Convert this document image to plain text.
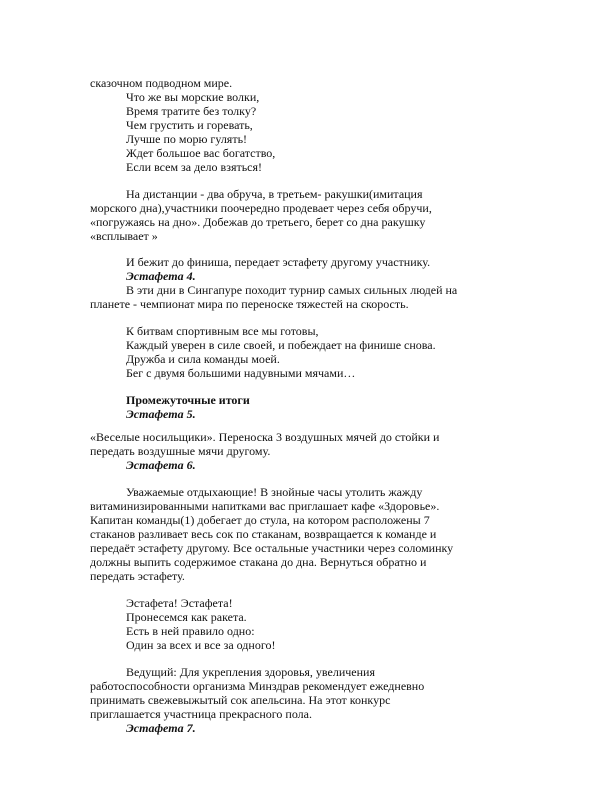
сказочном подводном мире.
Что же вы морские волки,
Время тратите без толку?
Чем грустить и горевать,
Лучше по морю гулять!
Ждет большое вас богатство,
Если всем за дело взяться!
На дистанции - два обруча, в третьем- ракушки(имитация
морского дна),участники поочередно продевает через себя обручи,
«погружаясь на дно». Добежав до третьего, берет со дна ракушку
«всплывает »
И бежит до финиша, передает эстафету другому участнику.
Эстафета 4.
В эти дни в Сингапуре походит турнир самых сильных людей на
планете - чемпионат мира по переноске тяжестей на скорость.
К битвам спортивным все мы готовы,
Каждый уверен в силе своей, и побеждает на финише снова.
Дружба и сила команды моей.
Бег с двумя большими надувными мячами…
Промежуточные итоги
Эстафета 5.
«Веселые носильщики». Переноска 3 воздушных мячей до стойки и
передать воздушные мячи другому.
Эстафета 6.
Уважаемые отдыхающие! В знойные часы утолить жажду
витаминизированными напитками вас приглашает кафе «Здоровье».
Капитан команды(1) добегает до стула, на котором расположены 7
стаканов разливает весь сок по стаканам, возвращается к команде и
передаёт эстафету другому. Все остальные участники через соломинку
должны выпить содержимое стакана до дна. Вернуться обратно и
передать эстафету.
Эстафета! Эстафета!
Пронесемся как ракета.
Есть в ней правило одно:
Один за всех и все за одного!
Ведущий: Для укрепления здоровья, увеличения
работоспособности организма Минздрав рекомендует ежедневно
принимать свежевыжытый сок апельсина. На этот конкурс
приглашается участница прекрасного пола.
Эстафета 7.
